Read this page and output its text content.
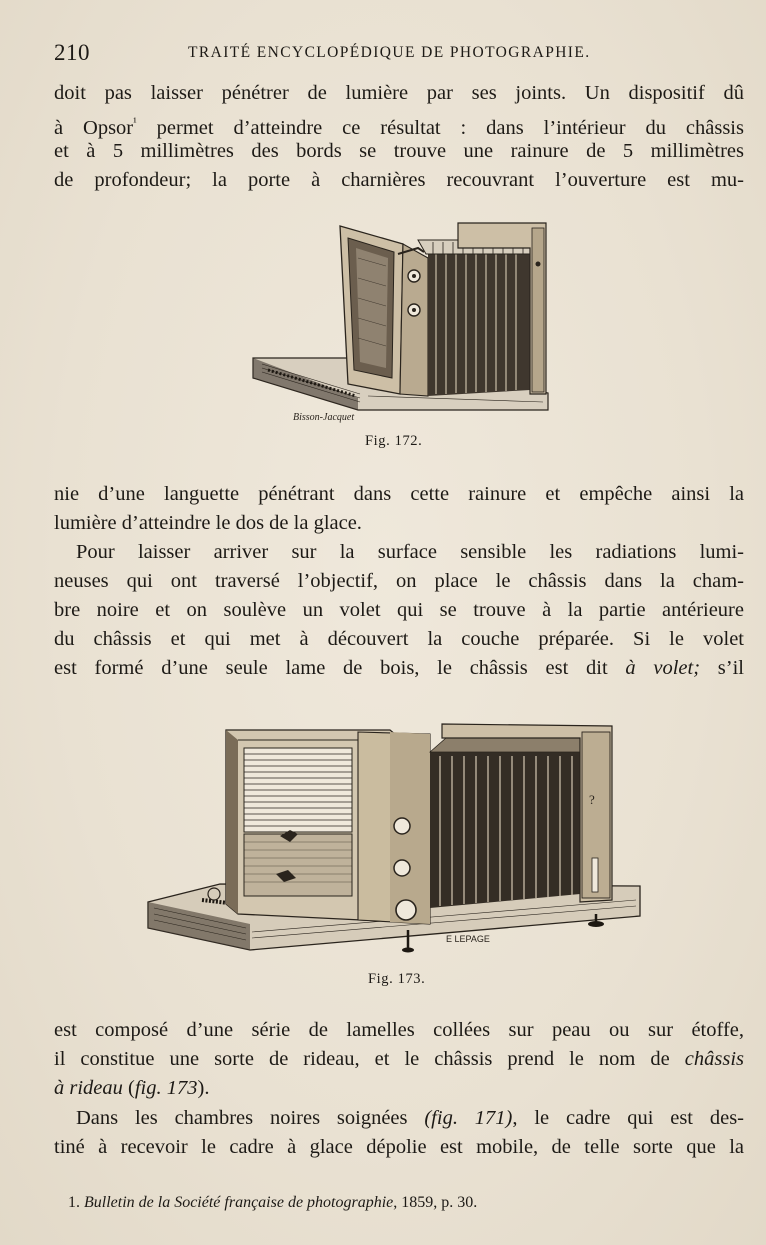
210	TRAITÉ ENCYCLOPÉDIQUE DE PHOTOGRAPHIE.
doit pas laisser pénétrer de lumière par ses joints. Un dispositif dû
à Opsor$^{^1}$ permet d’atteindre ce résultat : dans l’intérieur du châssis
et à 5 millimètres des bords se trouve une rainure de 5 millimètres
de profondeur; la porte à charnières recouvrant l’ouverture est mu-
Bisson-Jacquet
Fig. 172.
nie d’une languette pénétrant dans cette rainure et empêche ainsi la
lumière d’atteindre le dos de la glace.
Pour laisser arriver sur la surface sensible les radiations lumi-
neuses qui ont traversé l’objectif, on place le châssis dans la cham-
bre noire et on soulève un volet qui se trouve à la partie antérieure
du châssis et qui met à découvert la couche préparée. Si le volet
est formé d’une seule lame de bois, le châssis est dit à volet; s’il
?
E LEPAGE
Fig. 173.
est composé d’une série de lamelles collées sur peau ou sur étoffe,
il constitue une sorte de rideau, et le châssis prend le nom de châssis
à rideau (fig. 173).
Dans les chambres noires soignées (fig. 171), le cadre qui est des-
tiné à recevoir le cadre à glace dépolie est mobile, de telle sorte que la
1. Bulletin de la Société française de photographie, 1859, p. 30.
